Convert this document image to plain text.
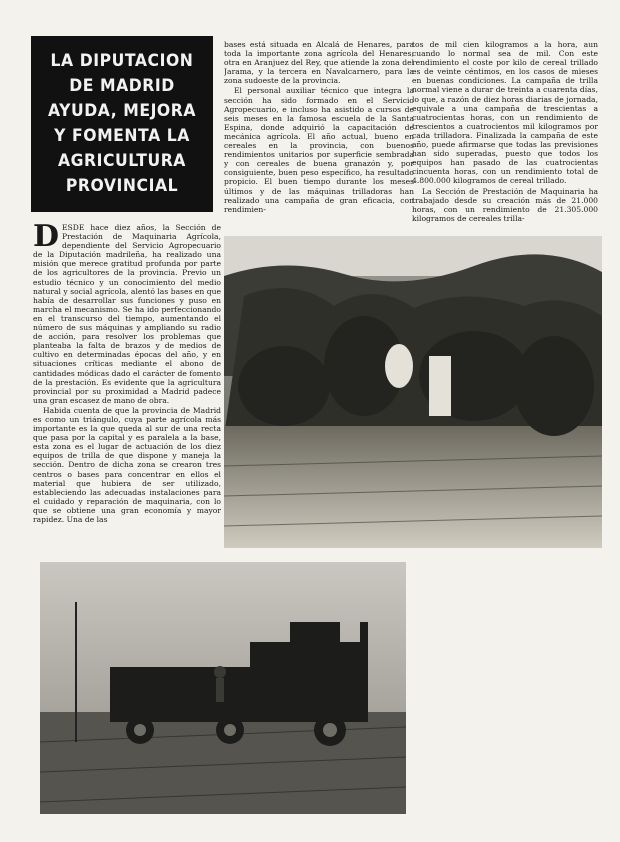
LA DIPUTACION DE MADRID AYUDA, MEJORA Y FOMENTA LA AGRICULTURA PROVINCIAL

DESDE hace diez años, la Sección de Prestación de Maquinaria Agrícola, dependiente del Servicio Agropecuario de la Diputación madrileña, ha realizado una misión que merece gratitud profunda por parte de los agricultores de la provincia. Previo un estudio técnico y un conocimiento del medio natural y social agrícola, alentó las bases en que había de desarrollar sus funciones y puso en marcha el mecanismo. Se ha ido perfeccionando en el transcurso del tiempo, aumentando el número de sus máquinas y ampliando su radio de acción, para resolver los problemas que planteaba la falta de brazos y de medios de cultivo en determinadas épocas del año, y en situaciones críticas mediante el abono de cantidades módicas dado el carácter de fomento de la prestación. Es evidente que la agricultura provincial por su proximidad a Madrid padece una gran escasez de mano de obra.

Habida cuenta de que la provincia de Madrid es como un triángulo, cuya parte agrícola más importante es la que queda al sur de una recta que pasa por la capital y es paralela a la base, esta zona es el lugar de actuación de los diez equipos de trilla de que dispone y maneja la sección. Dentro de dicha zona se crearon tres centros o bases para concentrar en ellos el material que hubiera de ser utilizado, estableciendo las adecuadas instalaciones para el cuidado y reparación de maquinaria, con lo que se obtiene una gran economía y mayor rapidez. Una de las

bases está situada en Alcalá de Henares, para toda la importante zona agrícola del Henares; otra en Aranjuez del Rey, que atiende la zona del Jarama, y la tercera en Navalcarnero, para la zona sudoeste de la provincia.

El personal auxiliar técnico que integra la sección ha sido formado en el Servicio Agropecuario, e incluso ha asistido a cursos de seis meses en la famosa escuela de la Santa Espina, donde adquirió la capacitación de mecánica agrícola. El año actual, bueno en cereales en la provincia, con buenos rendimientos unitarios por superficie sembrada y con cereales de buena granazón y, por consiguiente, buen peso específico, ha resultado propicio. El buen tiempo durante los meses últimos y de las máquinas trilladoras han realizado una campaña de gran eficacia, con rendimien-

tos de mil cien kilogramos a la hora, aun cuando lo normal sea de mil. Con este rendimiento el coste por kilo de cereal trillado es de veinte céntimos, en los casos de mieses en buenas condiciones. La campaña de trilla normal viene a durar de treinta a cuarenta días, lo que, a razón de diez horas diarias de jornada, equivale a una campaña de trescientas a cuatrocientas horas, con un rendimiento de trescientos a cuatrocientos mil kilogramos por cada trilladora. Finalizada la campaña de este año, puede afirmarse que todas las previsiones han sido superadas, puesto que todos los equipos han pasado de las cuatrocientas cincuenta horas, con un rendimiento total de 4.800.000 kilogramos de cereal trillado.

La Sección de Prestación de Maquinaria ha trabajado desde su creación más de 21.000 horas, con un rendimiento de 21.305.000 kilogramos de cereales trilla-
